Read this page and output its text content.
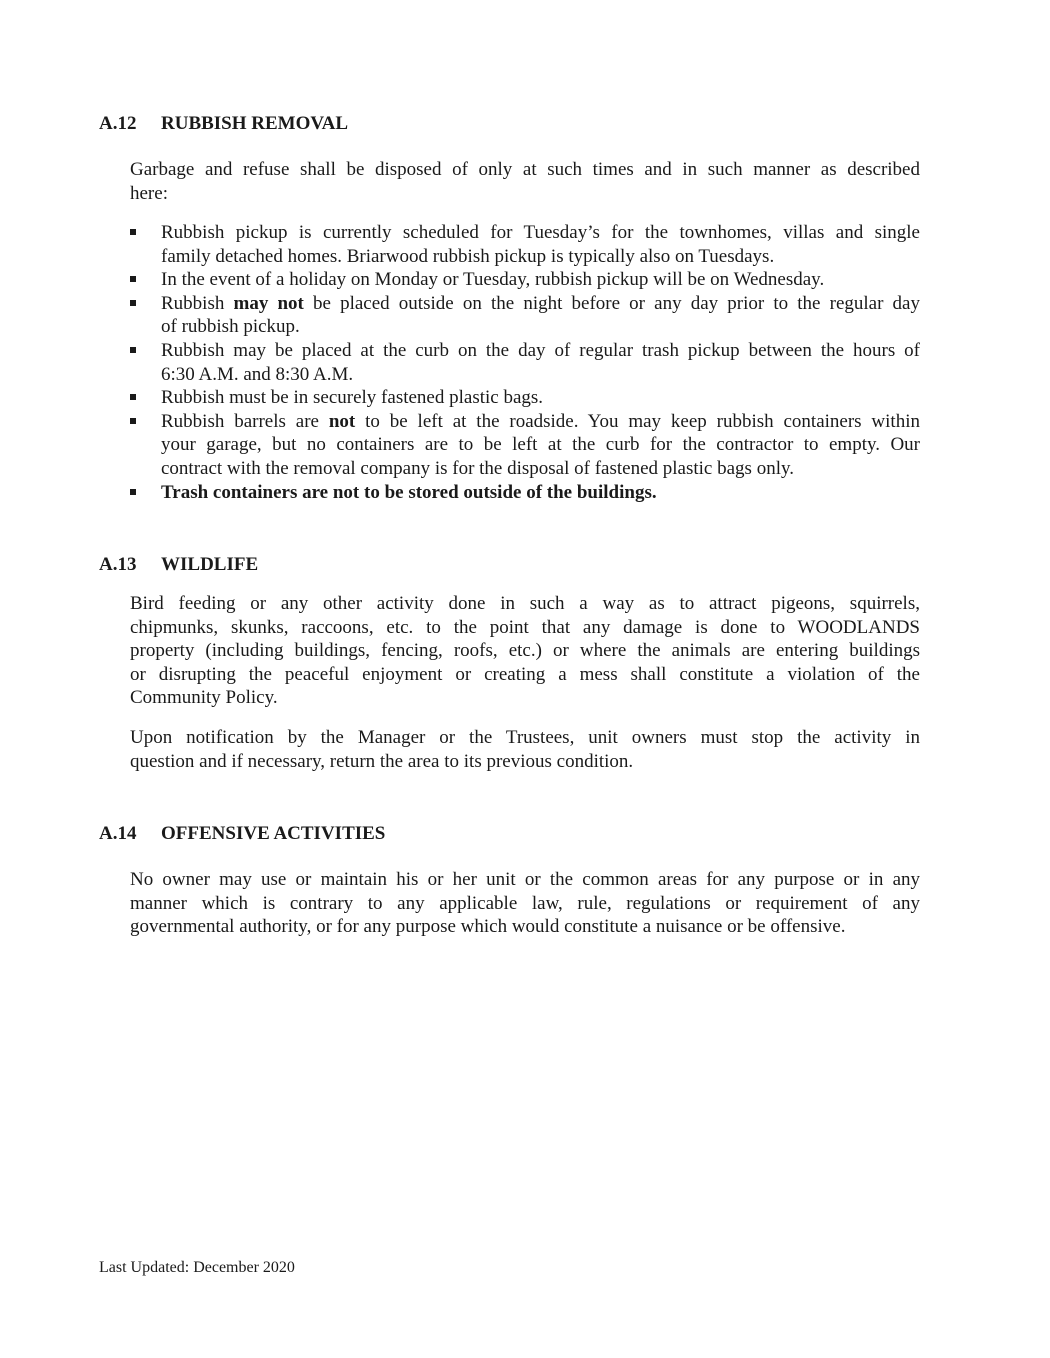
A.12 RUBBISH REMOVAL

Garbage and refuse shall be disposed of only at such times and in such manner as described
here:

Rubbish pickup is currently scheduled for Tuesday’s for the townhomes, villas and single
family detached homes. Briarwood rubbish pickup is typically also on Tuesdays.
In the event of a holiday on Monday or Tuesday, rubbish pickup will be on Wednesday.
Rubbish may not be placed outside on the night before or any day prior to the regular day
of rubbish pickup.
Rubbish may be placed at the curb on the day of regular trash pickup between the hours of
6:30 A.M. and 8:30 A.M.
Rubbish must be in securely fastened plastic bags.
Rubbish barrels are not to be left at the roadside. You may keep rubbish containers within
your garage, but no containers are to be left at the curb for the contractor to empty. Our
contract with the removal company is for the disposal of fastened plastic bags only.
Trash containers are not to be stored outside of the buildings.
A.13 WILDLIFE

Bird feeding or any other activity done in such a way as to attract pigeons, squirrels,
chipmunks, skunks, raccoons, etc. to the point that any damage is done to WOODLANDS
property (including buildings, fencing, roofs, etc.) or where the animals are entering buildings
or disrupting the peaceful enjoyment or creating a mess shall constitute a violation of the
Community Policy.

Upon notification by the Manager or the Trustees, unit owners must stop the activity in
question and if necessary, return the area to its previous condition.

A.14 OFFENSIVE ACTIVITIES

No owner may use or maintain his or her unit or the common areas for any purpose or in any
manner which is contrary to any applicable law, rule, regulations or requirement of any
governmental authority, or for any purpose which would constitute a nuisance or be offensive.

Last Updated: December 2020
